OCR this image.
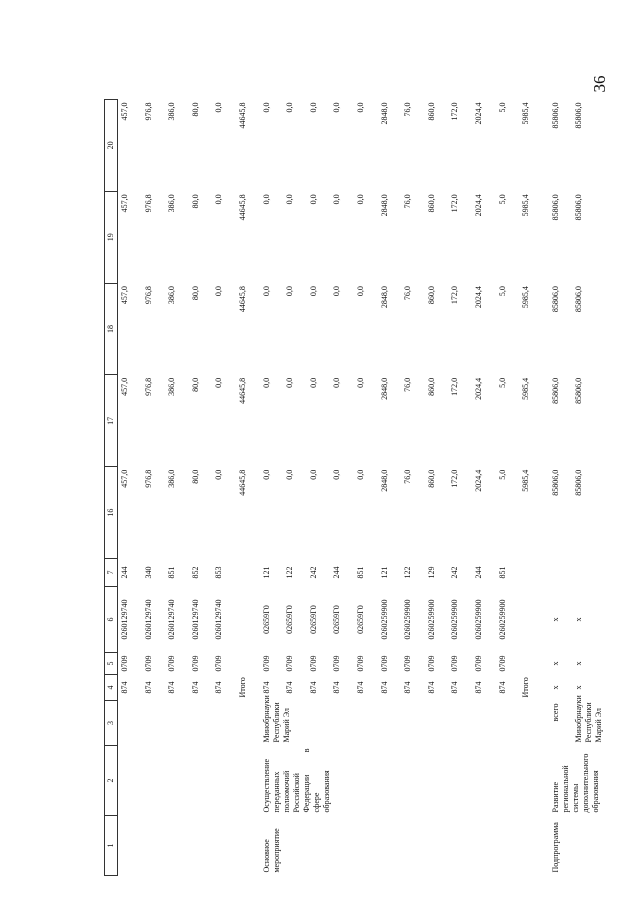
36
1	2	3	4	5	6	7	16	17	18	19	20
			874	0709	0260129740	244	457,0	457,0	457,0	457,0	457,0
			874	0709	0260129740	340	976,8	976,8	976,8	976,8	976,8
			874	0709	0260129740	851	386,0	386,0	386,0	386,0	386,0
			874	0709	0260129740	852	80,0	80,0	80,0	80,0	80,0
			874	0709	0260129740	853	0,0	0,0	0,0	0,0	0,0
			Итого				44645,8	44645,8	44645,8	44645,8	44645,8
Основное мероприятие	Осуществление переданных полномочий Российской Федерации в сфере образования	Минобрнауки Республики Марий Эл	874	0709	02659Г0	121	0,0	0,0	0,0	0,0	0,0
			874	0709	02659Г0	122	0,0	0,0	0,0	0,0	0,0
			874	0709	02659Г0	242	0,0	0,0	0,0	0,0	0,0
			874	0709	02659Г0	244	0,0	0,0	0,0	0,0	0,0
			874	0709	02659Г0	851	0,0	0,0	0,0	0,0	0,0
			874	0709	0260259900	121	2848,0	2848,0	2848,0	2848,0	2848,0
			874	0709	0260259900	122	76,0	76,0	76,0	76,0	76,0
			874	0709	0260259900	129	860,0	860,0	860,0	860,0	860,0
			874	0709	0260259900	242	172,0	172,0	172,0	172,0	172,0
			874	0709	0260259900	244	2024,4	2024,4	2024,4	2024,4	2024,4
			874	0709	0260259900	851	5,0	5,0	5,0	5,0	5,0
			Итого				5985,4	5985,4	5985,4	5985,4	5985,4
Подпрограмма	Развитие региональной системы дополнительного образования	всего	x	x	x		85806,0	85806,0	85806,0	85806,0	85806,0
		Минобрнауки Республики Марий Эл	x	x	x		85806,0	85806,0	85806,0	85806,0	85806,0
